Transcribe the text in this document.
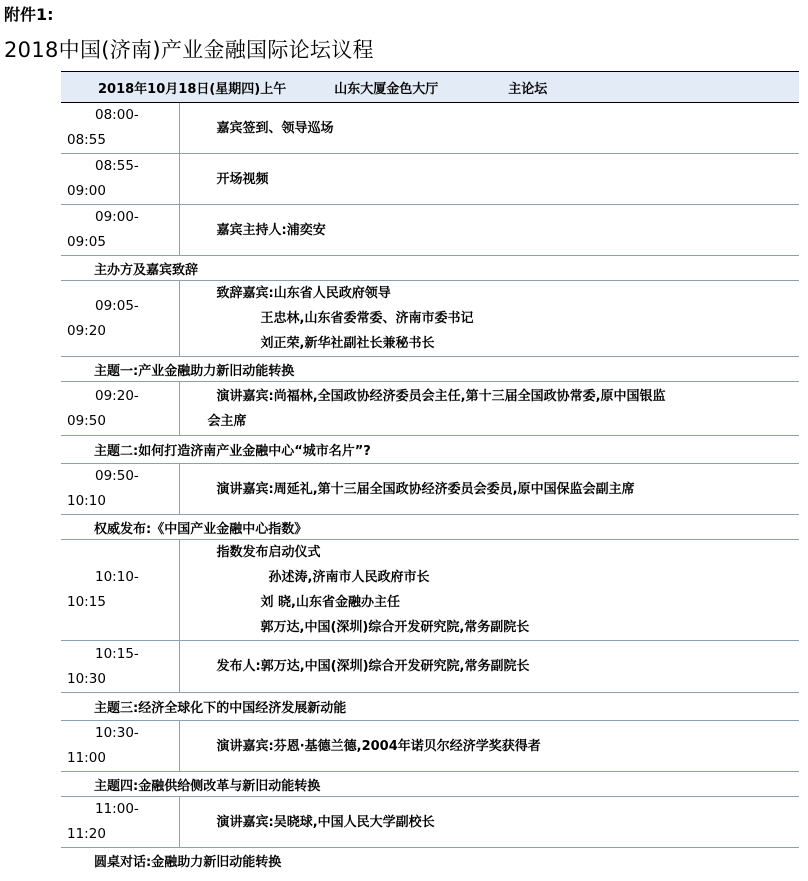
附件1:
2018中国(济南)产业金融国际论坛议程
2018年10月18日(星期四)上午 山东大厦金色大厅 主论坛	

08:00-
08:55	嘉宾签到、领导巡场

08:55-
09:00	开场视频

09:00-
09:05	嘉宾主持人:浦奕安
主办方及嘉宾致辞	

09:05-
09:20	致辞嘉宾:山东省人民政府领导
王忠林,山东省委常委、济南市委书记
刘正荣,新华社副社长兼秘书长

主题一:产业金融助力新旧动能转换	

09:20-
09:50	演讲嘉宾:尚福林,全国政协经济委员会主任,第十三届全国政协常委,原中国银监
会主席

主题二:如何打造济南产业金融中心“城市名片”?	

09:50-
10:10	演讲嘉宾:周延礼,第十三届全国政协经济委员会委员,原中国保监会副主席
权威发布:《中国产业金融中心指数》	

10:10-
10:15	指数发布启动仪式
孙述涛,济南市人民政府市长
刘 晓,山东省金融办主任
郭万达,中国(深圳)综合开发研究院,常务副院长

10:15-
10:30	发布人:郭万达,中国(深圳)综合开发研究院,常务副院长
主题三:经济全球化下的中国经济发展新动能	

10:30-
11:00	演讲嘉宾:芬恩·基德兰德,2004年诺贝尔经济学奖获得者
主题四:金融供给侧改革与新旧动能转换	

11:00-
11:20	演讲嘉宾:吴晓球,中国人民大学副校长
圆桌对话:金融助力新旧动能转换	
